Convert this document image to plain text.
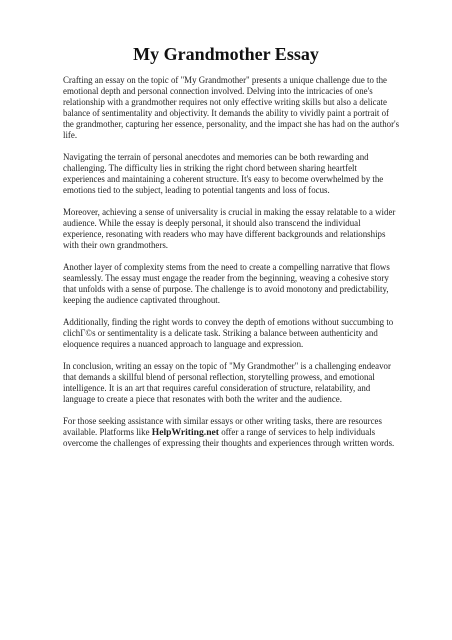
My Grandmother Essay

Crafting an essay on the topic of "My Grandmother" presents a unique challenge due to the emotional depth and personal connection involved. Delving into the intricacies of one's relationship with a grandmother requires not only effective writing skills but also a delicate balance of sentimentality and objectivity. It demands the ability to vividly paint a portrait of the grandmother, capturing her essence, personality, and the impact she has had on the author's life.

Navigating the terrain of personal anecdotes and memories can be both rewarding and challenging. The difficulty lies in striking the right chord between sharing heartfelt experiences and maintaining a coherent structure. It's easy to become overwhelmed by the emotions tied to the subject, leading to potential tangents and loss of focus.

Moreover, achieving a sense of universality is crucial in making the essay relatable to a wider audience. While the essay is deeply personal, it should also transcend the individual experience, resonating with readers who may have different backgrounds and relationships with their own grandmothers.

Another layer of complexity stems from the need to create a compelling narrative that flows seamlessly. The essay must engage the reader from the beginning, weaving a cohesive story that unfolds with a sense of purpose. The challenge is to avoid monotony and predictability, keeping the audience captivated throughout.

Additionally, finding the right words to convey the depth of emotions without succumbing to clichГ©s or sentimentality is a delicate task. Striking a balance between authenticity and eloquence requires a nuanced approach to language and expression.

In conclusion, writing an essay on the topic of "My Grandmother" is a challenging endeavor that demands a skillful blend of personal reflection, storytelling prowess, and emotional intelligence. It is an art that requires careful consideration of structure, relatability, and language to create a piece that resonates with both the writer and the audience.

For those seeking assistance with similar essays or other writing tasks, there are resources available. Platforms like HelpWriting.net offer a range of services to help individuals overcome the challenges of expressing their thoughts and experiences through written words.
